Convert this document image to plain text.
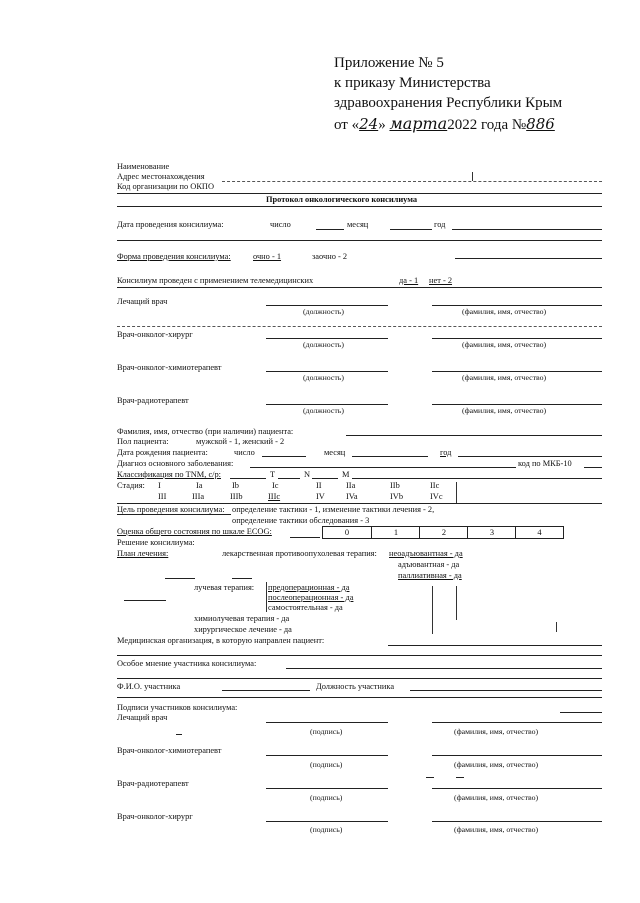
Приложение № 5
к приказу Министерства
здравоохранения Республики Крым
от «24» марта2022 года №886
Наименование
Адрес местонахождения
Код организации по ОКПО
Протокол онкологического консилиума
Дата проведения консилиума:	число	месяц	год
Форма проведения консилиума:	очно - 1	заочно - 2
Консилиум проведен с применением телемедицинских	да - 1 нет - 2
Лечащий врач
(должность)	(фамилия, имя, отчество)
Врач-онколог-хирург
(должность)	(фамилия, имя, отчество)
Врач-онколог-химиотерапевт
(должность)	(фамилия, имя, отчество)
Врач-радиотерапевт
(должность)	(фамилия, имя, отчество)
Фамилия, имя, отчество (при наличии) пациента:
Пол пациента:	мужской - 1, женский - 2
Дата рождения пациента:	число	месяц	год
Диагноз основного заболевания:	код по МКБ-10
Классификация по TNM, c/p:	T	N	M
Стадия: I	Ia	Ib	Ic	II	IIa	IIb	IIc
III	IIIa	IIIb	IIIc	IV	IVa	IVb	IVc
Цель проведения консилиума: определение тактики - 1, изменение тактики лечения - 2,
определение тактики обследования - 3
Оценка общего состояния по шкале ECOG:	0	1	2	3	4
Решение консилиума:
План лечения:	лекарственная противоопухолевая терапия: неоадъювантная - да
адъювантная - да
паллиативная - да
лучевая терапия: предоперационная - да
послеоперационная - да
самостоятельная - да
химиолучевая терапия - да
хирургическое лечение - да
Медицинская организация, в которую направлен пациент:
Особое мнение участника консилиума:
Ф.И.О. участника	Должность участника
Подписи участников консилиума:
Лечащий врач
(подпись)	(фамилия, имя, отчество)
Врач-онколог-химиотерапевт
(подпись)	(фамилия, имя, отчество)
Врач-радиотерапевт
(подпись)	(фамилия, имя, отчество)
Врач-онколог-хирург
(подпись)	(фамилия, имя, отчество)
